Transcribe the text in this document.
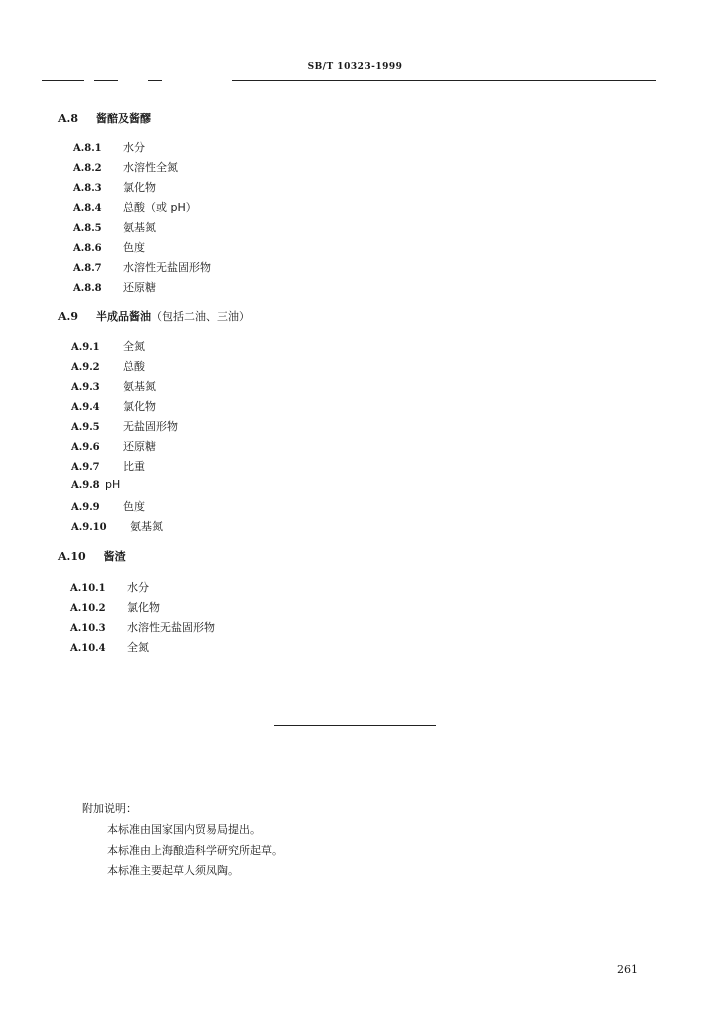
SB/T 10323-1999
A.8 酱醅及酱醪
A.8.1 水分
A.8.2 水溶性全氮
A.8.3 氯化物
A.8.4 总酸（或 pH）
A.8.5 氨基氮
A.8.6 色度
A.8.7 水溶性无盐固形物
A.8.8 还原糖
A.9 半成品酱油（包括二油、三油）
A.9.1 全氮
A.9.2 总酸
A.9.3 氨基氮
A.9.4 氯化物
A.9.5 无盐固形物
A.9.6 还原糖
A.9.7 比重
A.9.8 pH
A.9.9 色度
A.9.10 氨基氮
A.10 酱渣
A.10.1 水分
A.10.2 氯化物
A.10.3 水溶性无盐固形物
A.10.4 全氮
附加说明：
本标准由国家国内贸易局提出。
本标准由上海酿造科学研究所起草。
本标准主要起草人须凤陶。
261
